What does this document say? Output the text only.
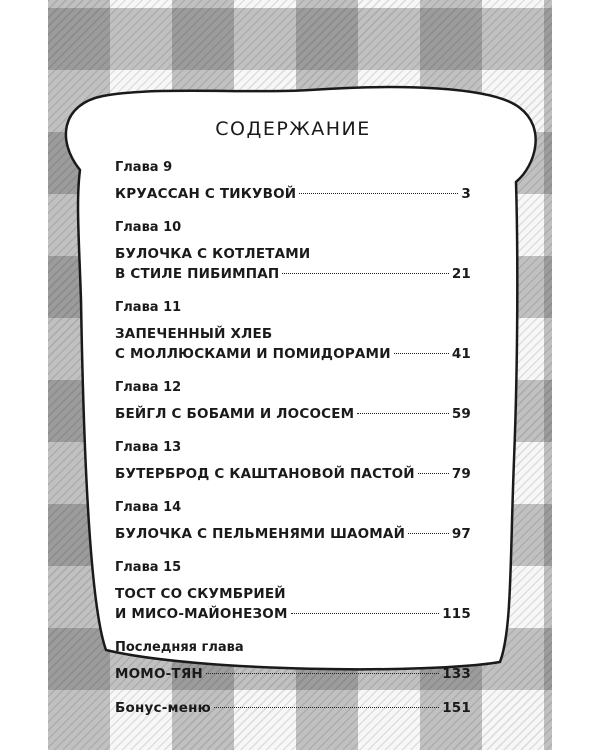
СОДЕРЖАНИЕ
Глава 9
КРУАССАН С ТИКУВОЙ	3
Глава 10
БУЛОЧКА С КОТЛЕТАМИ
В СТИЛЕ ПИБИМПАП	21
Глава 11
ЗАПЕЧЕННЫЙ ХЛЕБ
С МОЛЛЮСКАМИ И ПОМИДОРАМИ	41
Глава 12
БЕЙГЛ С БОБАМИ И ЛОСОСЕМ	59
Глава 13
БУТЕРБРОД С КАШТАНОВОЙ ПАСТОЙ	79
Глава 14
БУЛОЧКА С ПЕЛЬМЕНЯМИ ШАОМАЙ	97
Глава 15
ТОСТ СО СКУМБРИЕЙ
И МИСО-МАЙОНЕЗОМ	115
Последняя глава
МОМО-ТЯН	133
Бонус-меню	151
